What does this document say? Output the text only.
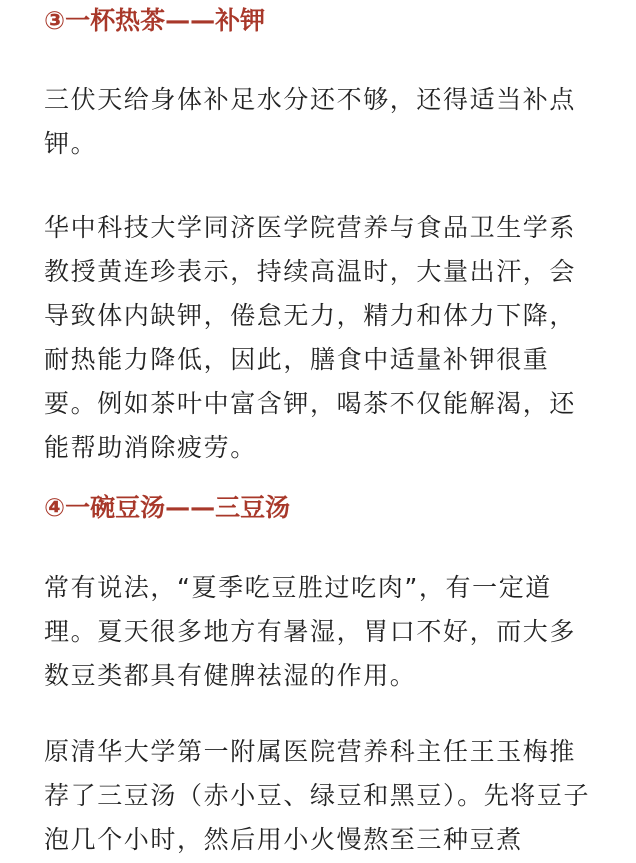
③一杯热茶——补钾

三伏天给身体补足水分还不够，还得适当补点钾。

华中科技大学同济医学院营养与食品卫生学系教授黄连珍表示，持续高温时，大量出汗，会导致体内缺钾，倦怠无力，精力和体力下降，耐热能力降低，因此，膳食中适量补钾很重要。例如茶叶中富含钾，喝茶不仅能解渴，还能帮助消除疲劳。

④一碗豆汤——三豆汤

常有说法，“夏季吃豆胜过吃肉”，有一定道理。夏天很多地方有暑湿，胃口不好，而大多数豆类都具有健脾祛湿的作用。

原清华大学第一附属医院营养科主任王玉梅推荐了三豆汤（赤小豆、绿豆和黑豆）。先将豆子泡几个小时，然后用小火慢熬至三种豆煮
